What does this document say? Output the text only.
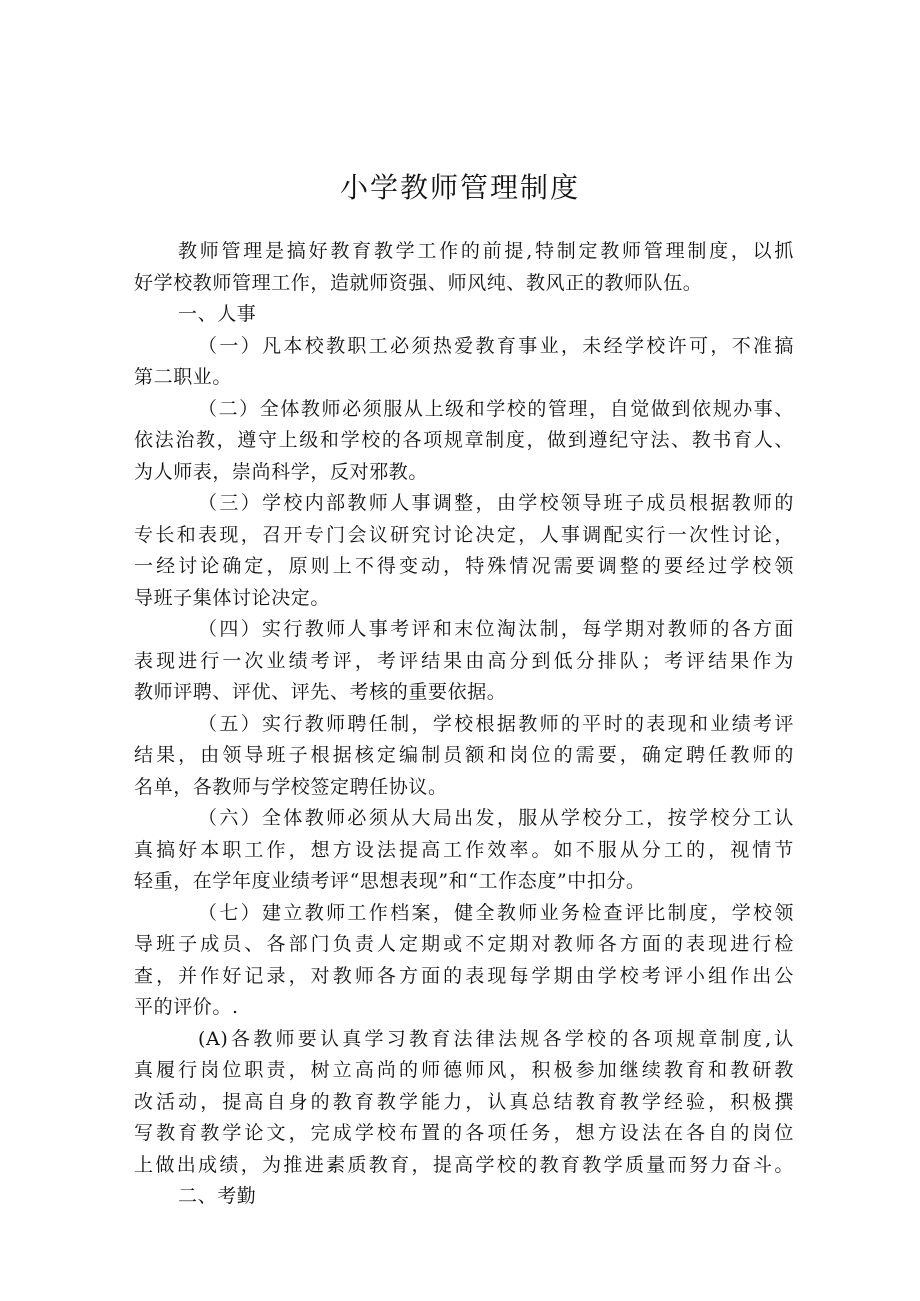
小学教师管理制度
教师管理是搞好教育教学工作的前提,特制定教师管理制度，以抓
好学校教师管理工作，造就师资强、师风纯、教风正的教师队伍。
一、人事
（一）凡本校教职工必须热爱教育事业，未经学校许可，不准搞
第二职业。
（二）全体教师必须服从上级和学校的管理，自觉做到依规办事、
依法治教，遵守上级和学校的各项规章制度，做到遵纪守法、教书育人、
为人师表，崇尚科学，反对邪教。
（三）学校内部教师人事调整，由学校领导班子成员根据教师的
专长和表现，召开专门会议研究讨论决定，人事调配实行一次性讨论，
一经讨论确定，原则上不得变动，特殊情况需要调整的要经过学校领
导班子集体讨论决定。
（四）实行教师人事考评和末位淘汰制，每学期对教师的各方面
表现进行一次业绩考评，考评结果由高分到低分排队；考评结果作为
教师评聘、评优、评先、考核的重要依据。
（五）实行教师聘任制，学校根据教师的平时的表现和业绩考评
结果，由领导班子根据核定编制员额和岗位的需要，确定聘任教师的
名单，各教师与学校签定聘任协议。
（六）全体教师必须从大局出发，服从学校分工，按学校分工认
真搞好本职工作，想方设法提高工作效率。如不服从分工的，视情节
轻重，在学年度业绩考评“思想表现”和“工作态度”中扣分。
（七）建立教师工作档案，健全教师业务检查评比制度，学校领
导班子成员、各部门负责人定期或不定期对教师各方面的表现进行检
查，并作好记录，对教师各方面的表现每学期由学校考评小组作出公
平的评价。.
(A)各教师要认真学习教育法律法规各学校的各项规章制度,认
真履行岗位职责，树立高尚的师德师风，积极参加继续教育和教研教
改活动，提高自身的教育教学能力，认真总结教育教学经验，积极撰
写教育教学论文，完成学校布置的各项任务，想方设法在各自的岗位
上做出成绩，为推进素质教育，提高学校的教育教学质量而努力奋斗。
二、考勤
